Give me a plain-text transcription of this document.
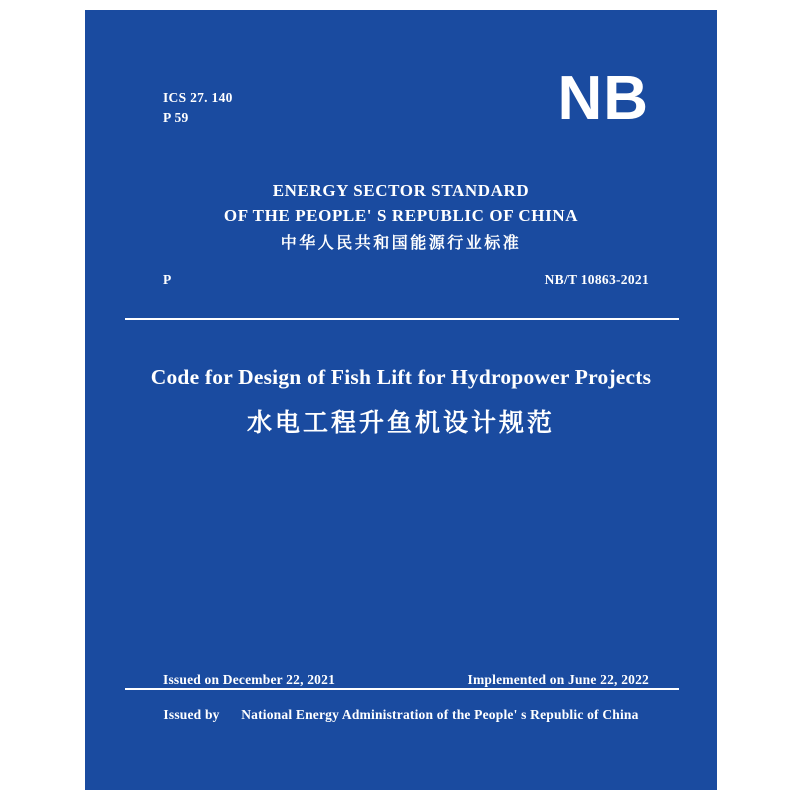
ICS 27. 140
P 59	NB
ENERGY SECTOR STANDARD
OF THE PEOPLE' S REPUBLIC OF CHINA
中华人民共和国能源行业标准
P	NB/T 10863-2021
Code for Design of Fish Lift for Hydropower Projects
水电工程升鱼机设计规范
Issued on December 22, 2021	Implemented on June 22, 2022
Issued by National Energy Administration of the People' s Republic of China
